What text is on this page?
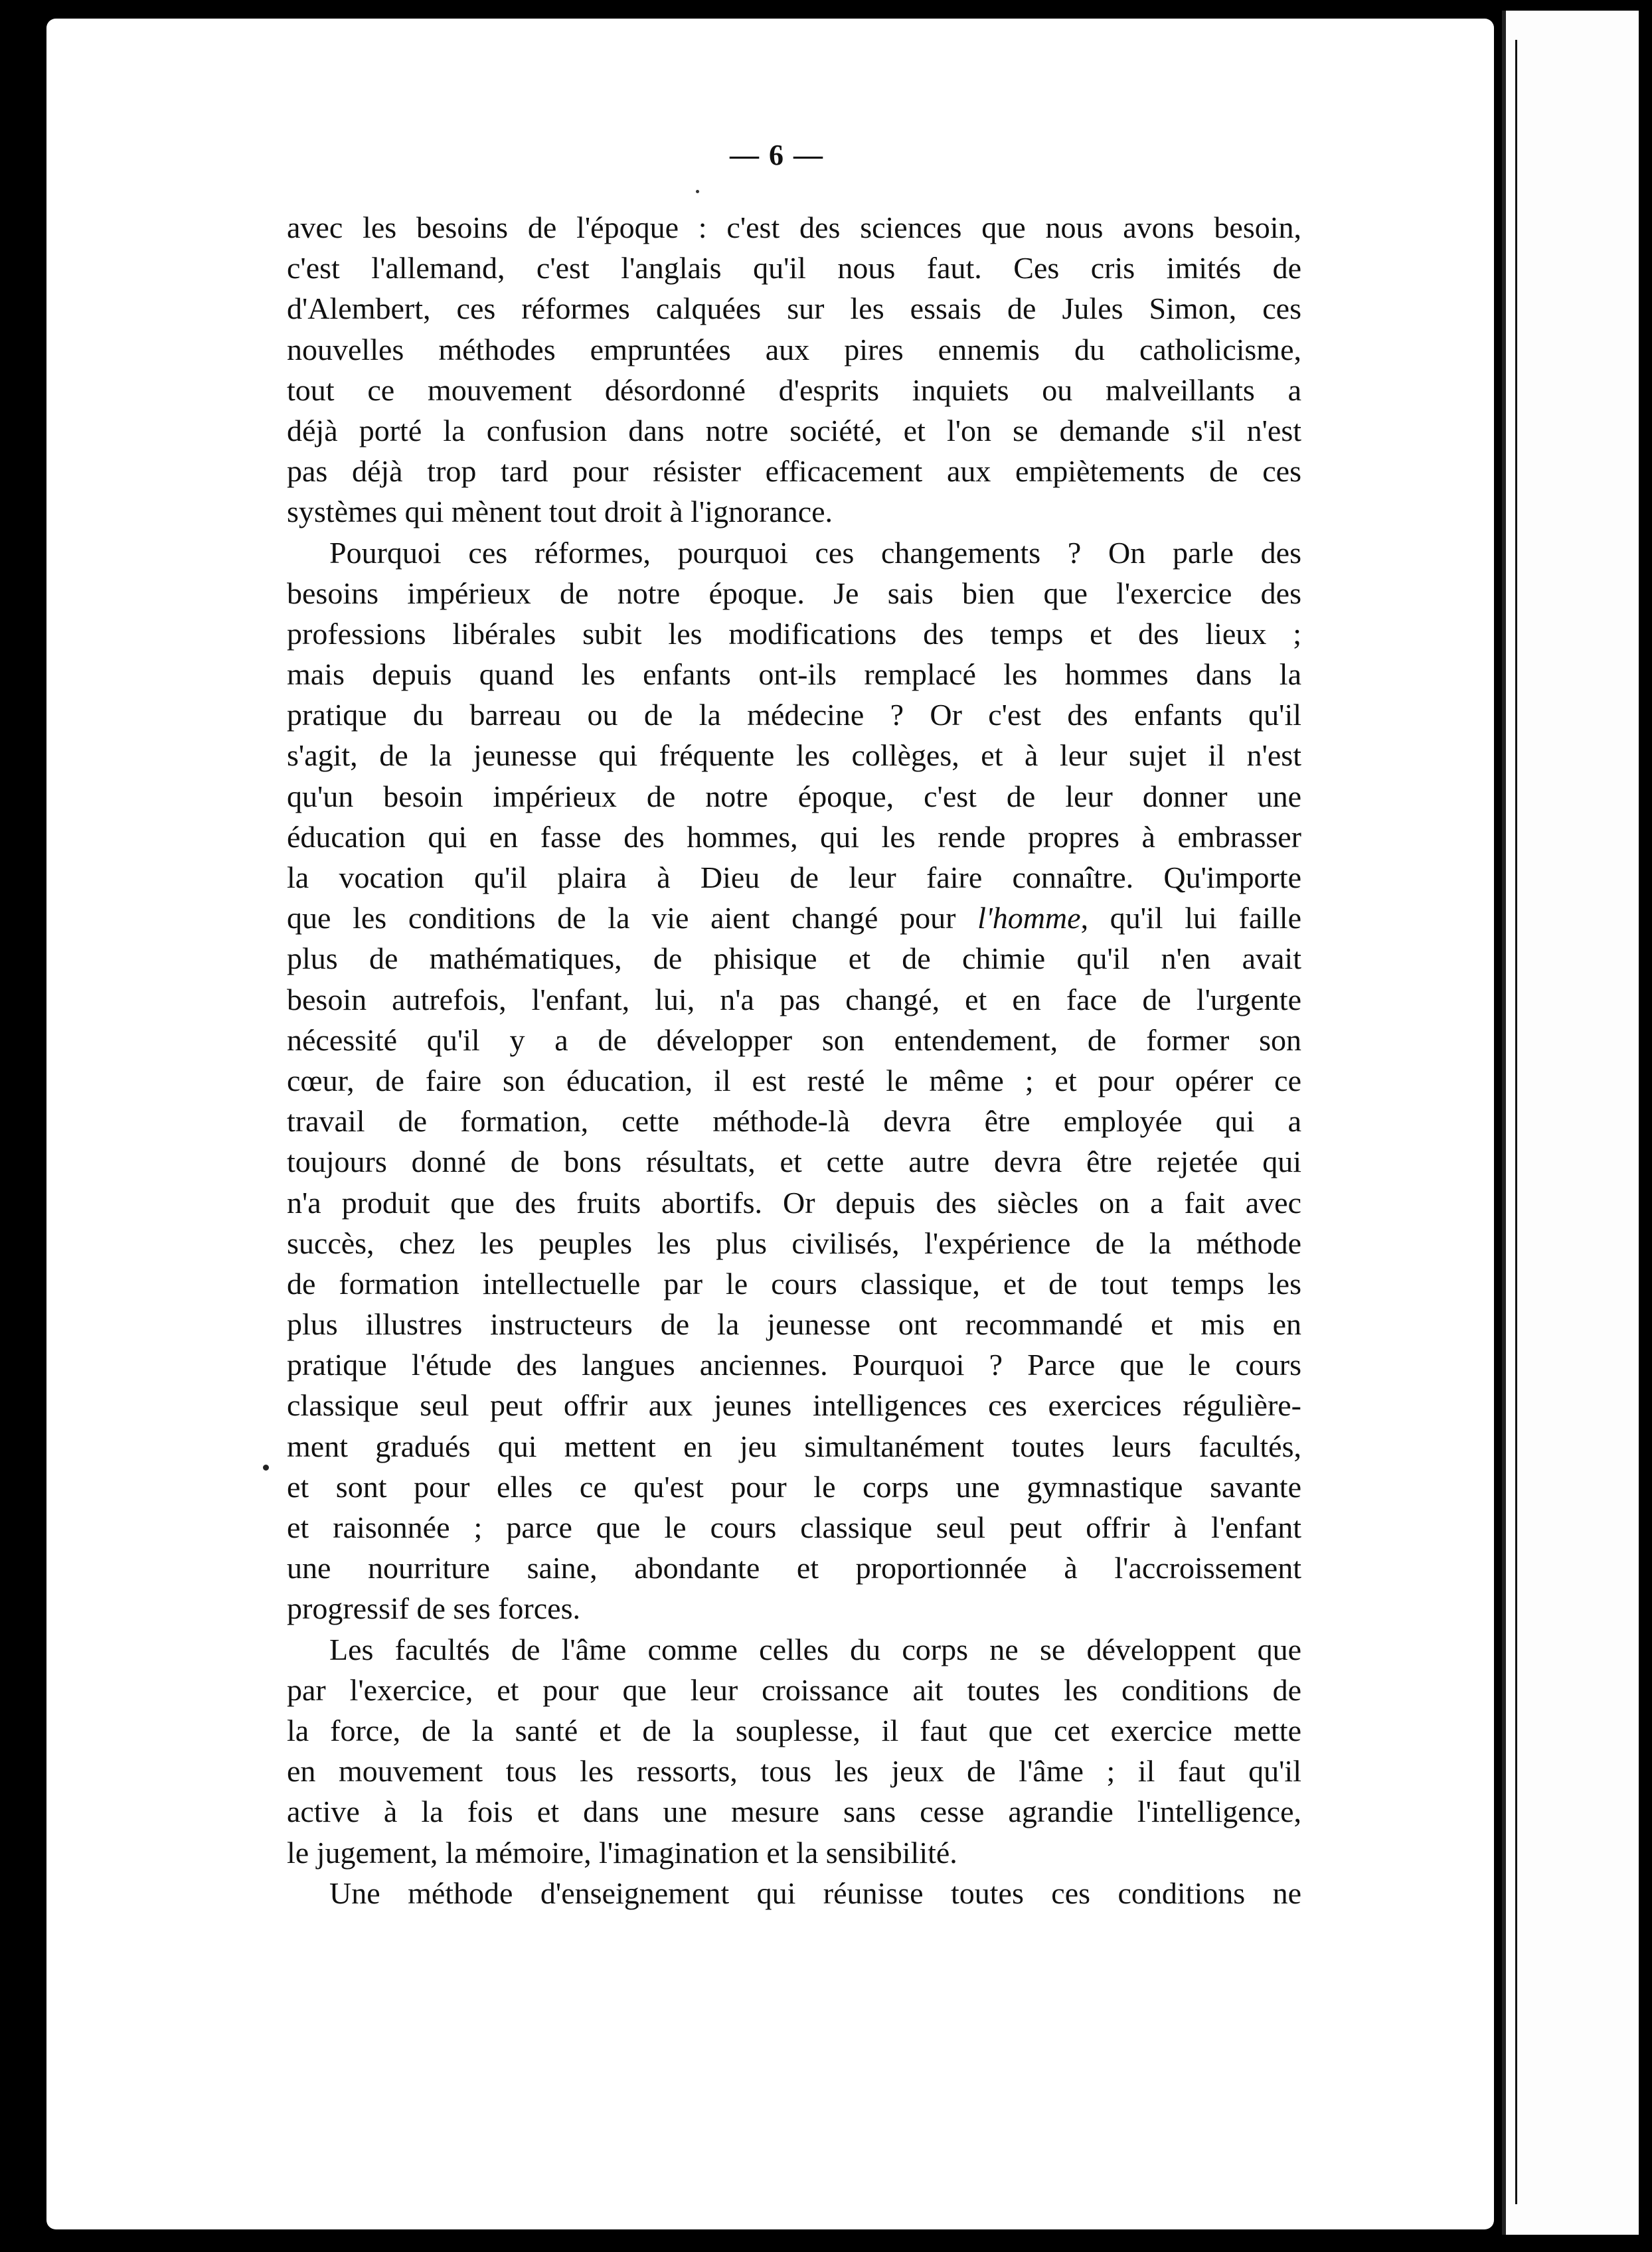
— 6 —
avec les besoins de l'époque : c'est des sciences que nous avons besoin,
c'est l'allemand, c'est l'anglais qu'il nous faut. Ces cris imités de
d'Alembert, ces réformes calquées sur les essais de Jules Simon, ces
nouvelles méthodes empruntées aux pires ennemis du catholicisme,
tout ce mouvement désordonné d'esprits inquiets ou malveillants a
déjà porté la confusion dans notre société, et l'on se demande s'il n'est
pas déjà trop tard pour résister efficacement aux empiètements de ces
systèmes qui mènent tout droit à l'ignorance.
Pourquoi ces réformes, pourquoi ces changements ? On parle des
besoins impérieux de notre époque. Je sais bien que l'exercice des
professions libérales subit les modifications des temps et des lieux ;
mais depuis quand les enfants ont-ils remplacé les hommes dans la
pratique du barreau ou de la médecine ? Or c'est des enfants qu'il
s'agit, de la jeunesse qui fréquente les collèges, et à leur sujet il n'est
qu'un besoin impérieux de notre époque, c'est de leur donner une
éducation qui en fasse des hommes, qui les rende propres à embrasser
la vocation qu'il plaira à Dieu de leur faire connaître. Qu'importe
que les conditions de la vie aient changé pour l'homme, qu'il lui faille
plus de mathématiques, de phisique et de chimie qu'il n'en avait
besoin autrefois, l'enfant, lui, n'a pas changé, et en face de l'urgente
nécessité qu'il y a de développer son entendement, de former son
cœur, de faire son éducation, il est resté le même ; et pour opérer ce
travail de formation, cette méthode-là devra être employée qui a
toujours donné de bons résultats, et cette autre devra être rejetée qui
n'a produit que des fruits abortifs. Or depuis des siècles on a fait avec
succès, chez les peuples les plus civilisés, l'expérience de la méthode
de formation intellectuelle par le cours classique, et de tout temps les
plus illustres instructeurs de la jeunesse ont recommandé et mis en
pratique l'étude des langues anciennes. Pourquoi ? Parce que le cours
classique seul peut offrir aux jeunes intelligences ces exercices régulière-
ment gradués qui mettent en jeu simultanément toutes leurs facultés,
et sont pour elles ce qu'est pour le corps une gymnastique savante
et raisonnée ; parce que le cours classique seul peut offrir à l'enfant
une nourriture saine, abondante et proportionnée à l'accroissement
progressif de ses forces.
Les facultés de l'âme comme celles du corps ne se développent que
par l'exercice, et pour que leur croissance ait toutes les conditions de
la force, de la santé et de la souplesse, il faut que cet exercice mette
en mouvement tous les ressorts, tous les jeux de l'âme ; il faut qu'il
active à la fois et dans une mesure sans cesse agrandie l'intelligence,
le jugement, la mémoire, l'imagination et la sensibilité.
Une méthode d'enseignement qui réunisse toutes ces conditions ne
